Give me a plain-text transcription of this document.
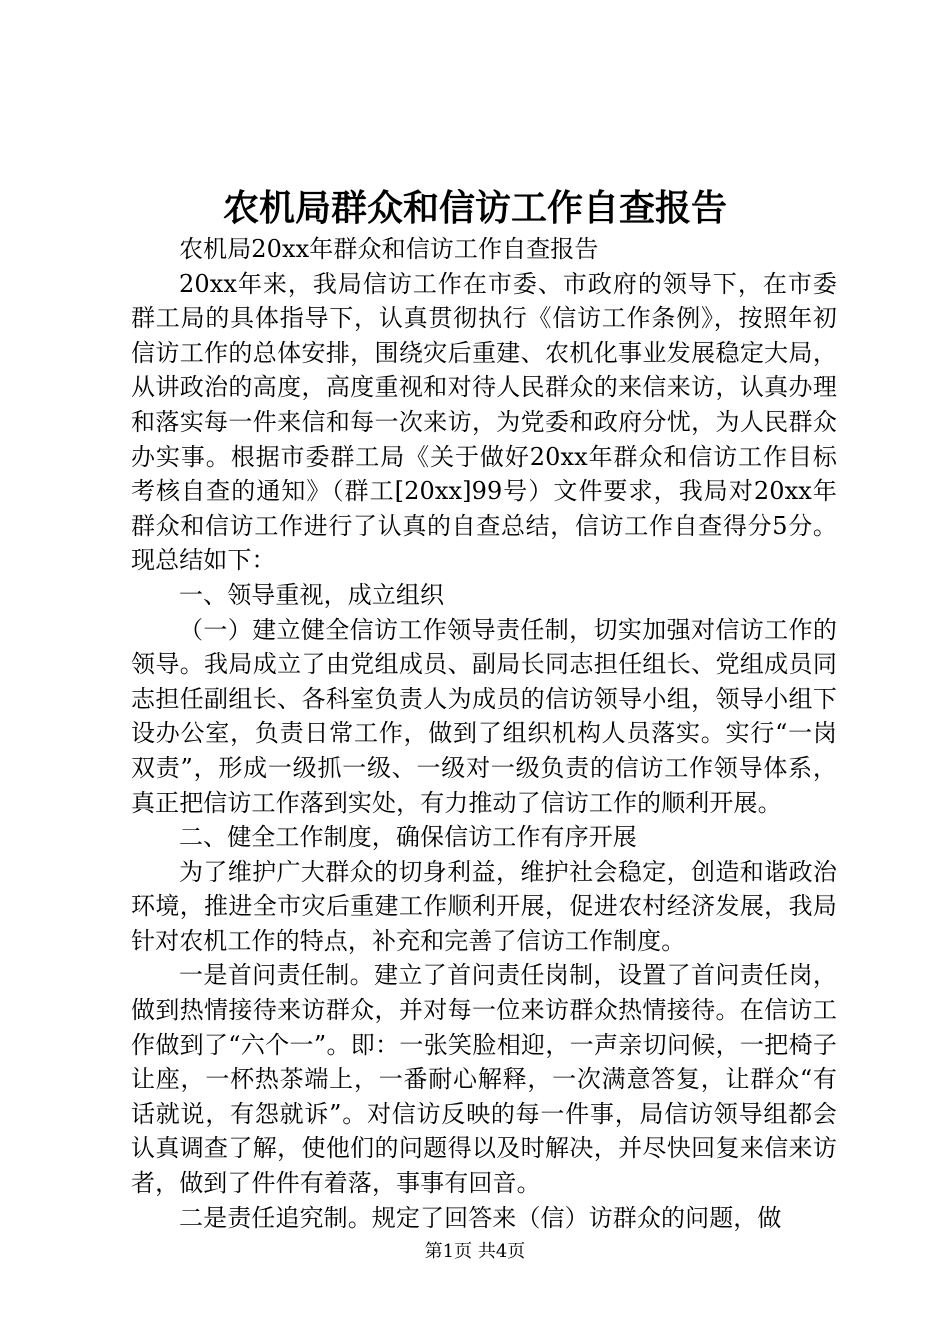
农机局群众和信访工作自查报告

农机局20xx年群众和信访工作自查报告

20xx年来，我局信访工作在市委、市政府的领导下，在市委群工局的具体指导下，认真贯彻执行《信访工作条例》，按照年初信访工作的总体安排，围绕灾后重建、农机化事业发展稳定大局，从讲政治的高度，高度重视和对待人民群众的来信来访，认真办理和落实每一件来信和每一次来访，为党委和政府分忧，为人民群众办实事。根据市委群工局《关于做好20xx年群众和信访工作目标考核自查的通知》（群工[20xx]99号）文件要求，我局对20xx年群众和信访工作进行了认真的自查总结，信访工作自查得分5分。现总结如下：

一、领导重视，成立组织

（一）建立健全信访工作领导责任制，切实加强对信访工作的领导。我局成立了由党组成员、副局长同志担任组长、党组成员同志担任副组长、各科室负责人为成员的信访领导小组，领导小组下设办公室，负责日常工作，做到了组织机构人员落实。实行“一岗双责”，形成一级抓一级、一级对一级负责的信访工作领导体系，真正把信访工作落到实处，有力推动了信访工作的顺利开展。

二、健全工作制度，确保信访工作有序开展

为了维护广大群众的切身利益，维护社会稳定，创造和谐政治环境，推进全市灾后重建工作顺利开展，促进农村经济发展，我局针对农机工作的特点，补充和完善了信访工作制度。

一是首问责任制。建立了首问责任岗制，设置了首问责任岗，做到热情接待来访群众，并对每一位来访群众热情接待。在信访工作做到了“六个一”。即：一张笑脸相迎，一声亲切问候，一把椅子让座，一杯热茶端上，一番耐心解释，一次满意答复，让群众“有话就说，有怨就诉”。对信访反映的每一件事，局信访领导组都会认真调查了解，使他们的问题得以及时解决，并尽快回复来信来访者，做到了件件有着落，事事有回音。

二是责任追究制。规定了回答来（信）访群众的问题，做

第1页 共4页
